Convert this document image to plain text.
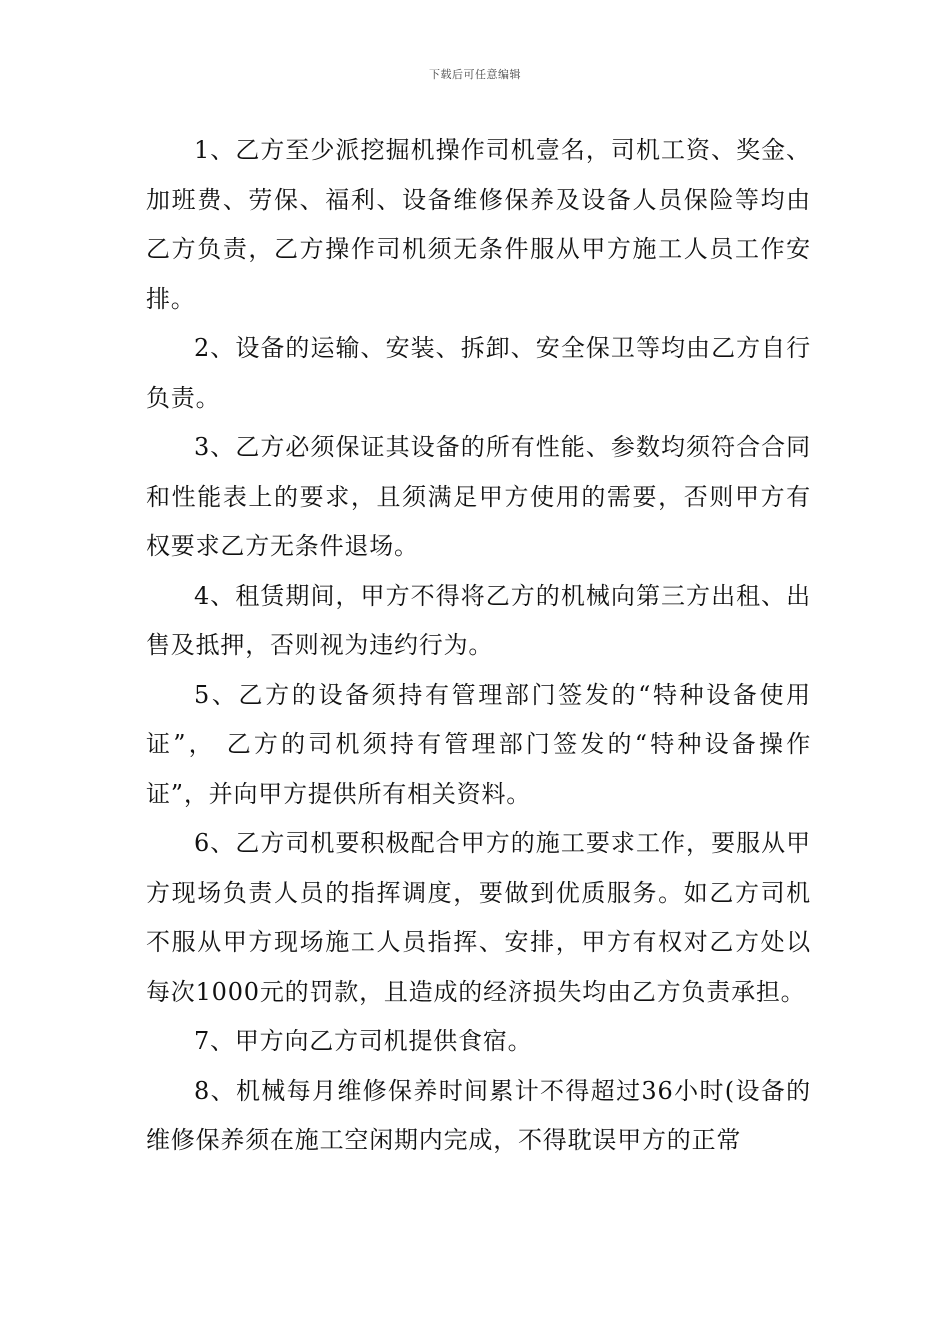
下载后可任意编辑

1、乙方至少派挖掘机操作司机壹名，司机工资、奖金、加班费、劳保、福利、设备维修保养及设备人员保险等均由乙方负责，乙方操作司机须无条件服从甲方施工人员工作安排。

2、设备的运输、安装、拆卸、安全保卫等均由乙方自行负责。

3、乙方必须保证其设备的所有性能、参数均须符合合同和性能表上的要求，且须满足甲方使用的需要，否则甲方有权要求乙方无条件退场。

4、租赁期间，甲方不得将乙方的机械向第三方出租、出售及抵押，否则视为违约行为。

5、乙方的设备须持有管理部门签发的“特种设备使用证”， 乙方的司机须持有管理部门签发的“特种设备操作证”，并向甲方提供所有相关资料。

6、乙方司机要积极配合甲方的施工要求工作，要服从甲方现场负责人员的指挥调度，要做到优质服务。如乙方司机不服从甲方现场施工人员指挥、安排，甲方有权对乙方处以每次1000元的罚款，且造成的经济损失均由乙方负责承担。

7、甲方向乙方司机提供食宿。

8、机械每月维修保养时间累计不得超过36小时(设备的维修保养须在施工空闲期内完成，不得耽误甲方的正常
